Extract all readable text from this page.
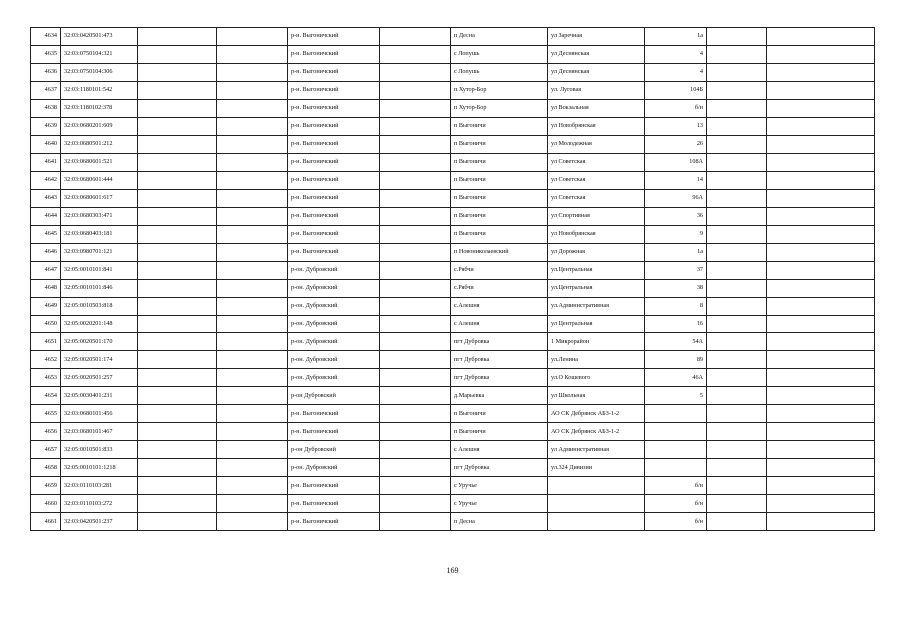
4634	32:03:0420501:473			р-н. Выгоничский		п Десна	ул Заречная	1а		
4635	32:03:0750104:321			р-н. Выгоничский		с Лопушь	ул Деснянская	4		
4636	32:03:0750104:306			р-н. Выгоничский		с Лопушь	ул Деснянская	4		
4637	32:03:1180101:542			р-н. Выгоничский		п Хутор-Бор	ул. Луговая	104Б		
4638	32:03:1180102:378			р-н. Выгоничский		п Хутор-Бор	ул Вокзальная	б/н		
4639	32:03:0680201:609			р-н. Выгоничский		п Выгоничи	ул Новобрянская	13		
4640	32:03:0680501:212			р-н. Выгоничский		п Выгоничи	ул Молодежная	26		
4641	32:03:0680601:521			р-н. Выгоничский		п Выгоничи	ул Советская	108А		
4642	32:03:0680601:444			р-н. Выгоничский		п Выгоничи	ул Советская	14		
4643	32:03:0680601:617			р-н. Выгоничский		п Выгоничи	ул Советская	96А		
4644	32:03:0680303:471			р-н. Выгоничский		п Выгоничи	ул Спортивная	36		
4645	32:03:0680403:181			р-н. Выгоничский		п Выгоничи	ул Новобрянская	9		
4646	32:03:0980701:121			р-н. Выгоничский		п Новониколаевский	ул Дорожная	1а		
4647	32:05:0010101:841			р-он. Дубровский		с.Рябчи	ул.Центральная	37		
4648	32:05:0010101:846			р-он. Дубровский		с.Рябчи	ул.Центральная	38		
4649	32:05:0010503:818			р-он. Дубровский		с.Алешня	ул.Административная	8		
4650	32:05:0020201:148			р-он. Дубровский		с Алешня	ул Центральная	16		
4651	32:05:0020501:170			р-он. Дубровский		пгт Дубровка	1 Микрорайон	54А		
4652	32:05:0020501:174			р-он. Дубровский		пгт Дубровка	ул.Ленина	89		
4653	32:05:0020501:257			р-он. Дубровский		пгт Дубровка	ул.О Кошевого	46А		
4654	32:05:0030401:231			р-он Дубровский		д.Марьевка	ул Школьная	5		
4655	32:03:0680101:456			р-н. Выгоничский		п Выгоничи	АО СК Дебрянск АБЗ-1-2			
4656	32:03:0680101:467			р-н. Выгоничский		п Выгоничи	АО СК Дебрянск АБЗ-1-2			
4657	32:05:0010501:833			р-он Дубровский		с Алешня	ул Административная			
4658	32:05:0010101:1218			р-он. Дубровский		пгт Дубровка	ул.324 Дивизии			
4659	32:03:0110103:281			р-н. Выгоничский		с Уручье		б/н		
4660	32:03:0110103:272			р-н. Выгоничский		с Уручье		б/н		
4661	32:03:0420501:237			р-н. Выгоничский		п Десна		б/н		
169
